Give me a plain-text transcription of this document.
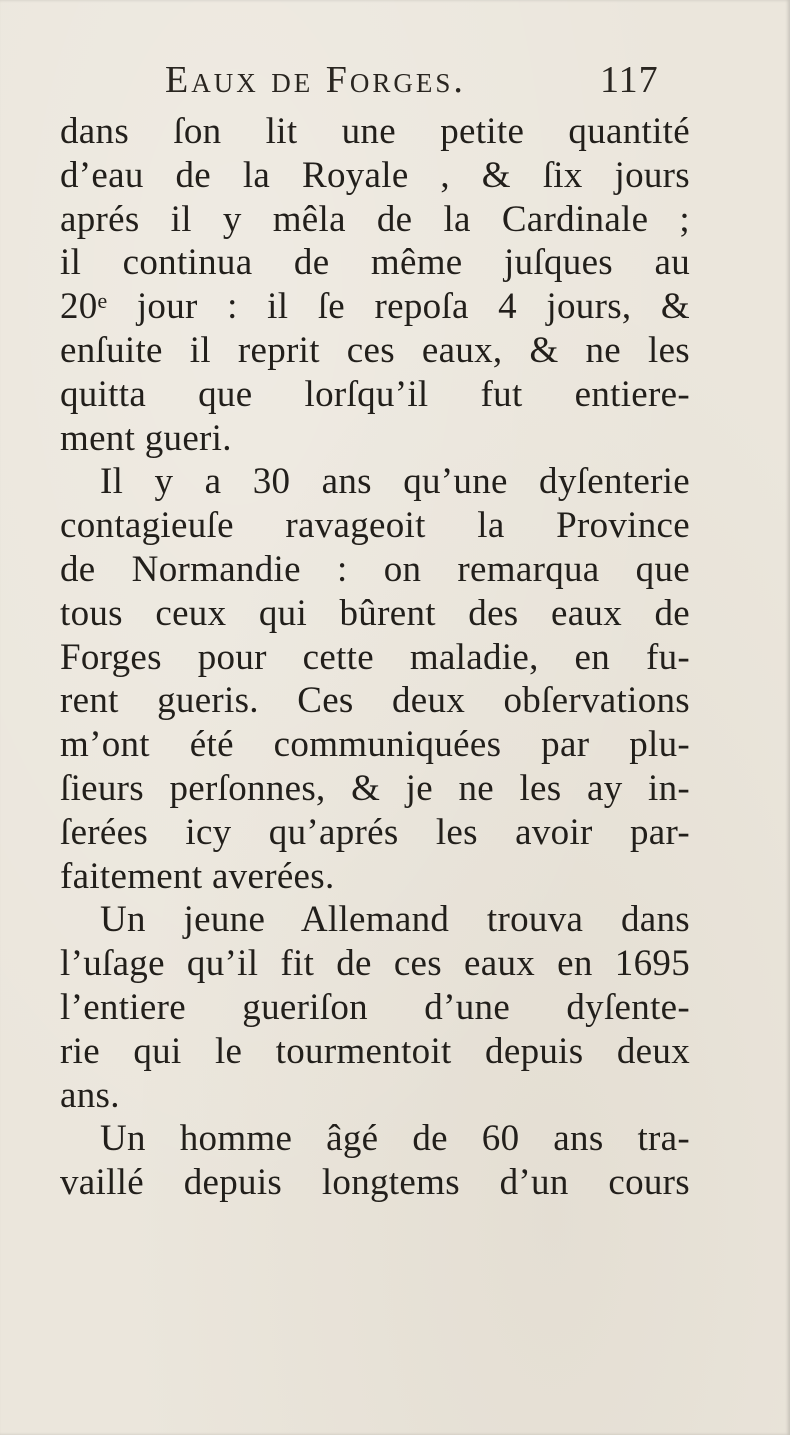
Eaux de Forges.	117
dans ſon lit une petite quantité
d’eau de la Royale , & ſix jours
aprés il y mêla de la Cardinale ;
il continua de même juſques au
20ᵉ jour : il ſe repoſa 4 jours, &
enſuite il reprit ces eaux, & ne les
quitta que lorſqu’il fut entiere-
ment gueri.
Il y a 30 ans qu’une dyſenterie
contagieuſe ravageoit la Province
de Normandie : on remarqua que
tous ceux qui bûrent des eaux de
Forges pour cette maladie, en fu-
rent gueris. Ces deux obſervations
m’ont été communiquées par plu-
ſieurs perſonnes, & je ne les ay in-
ſerées icy qu’aprés les avoir par-
faitement averées.
Un jeune Allemand trouva dans
l’uſage qu’il fit de ces eaux en 1695
l’entiere gueriſon d’une dyſente-
rie qui le tourmentoit depuis deux
ans.
Un homme âgé de 60 ans tra-
vaillé depuis longtems d’un cours
